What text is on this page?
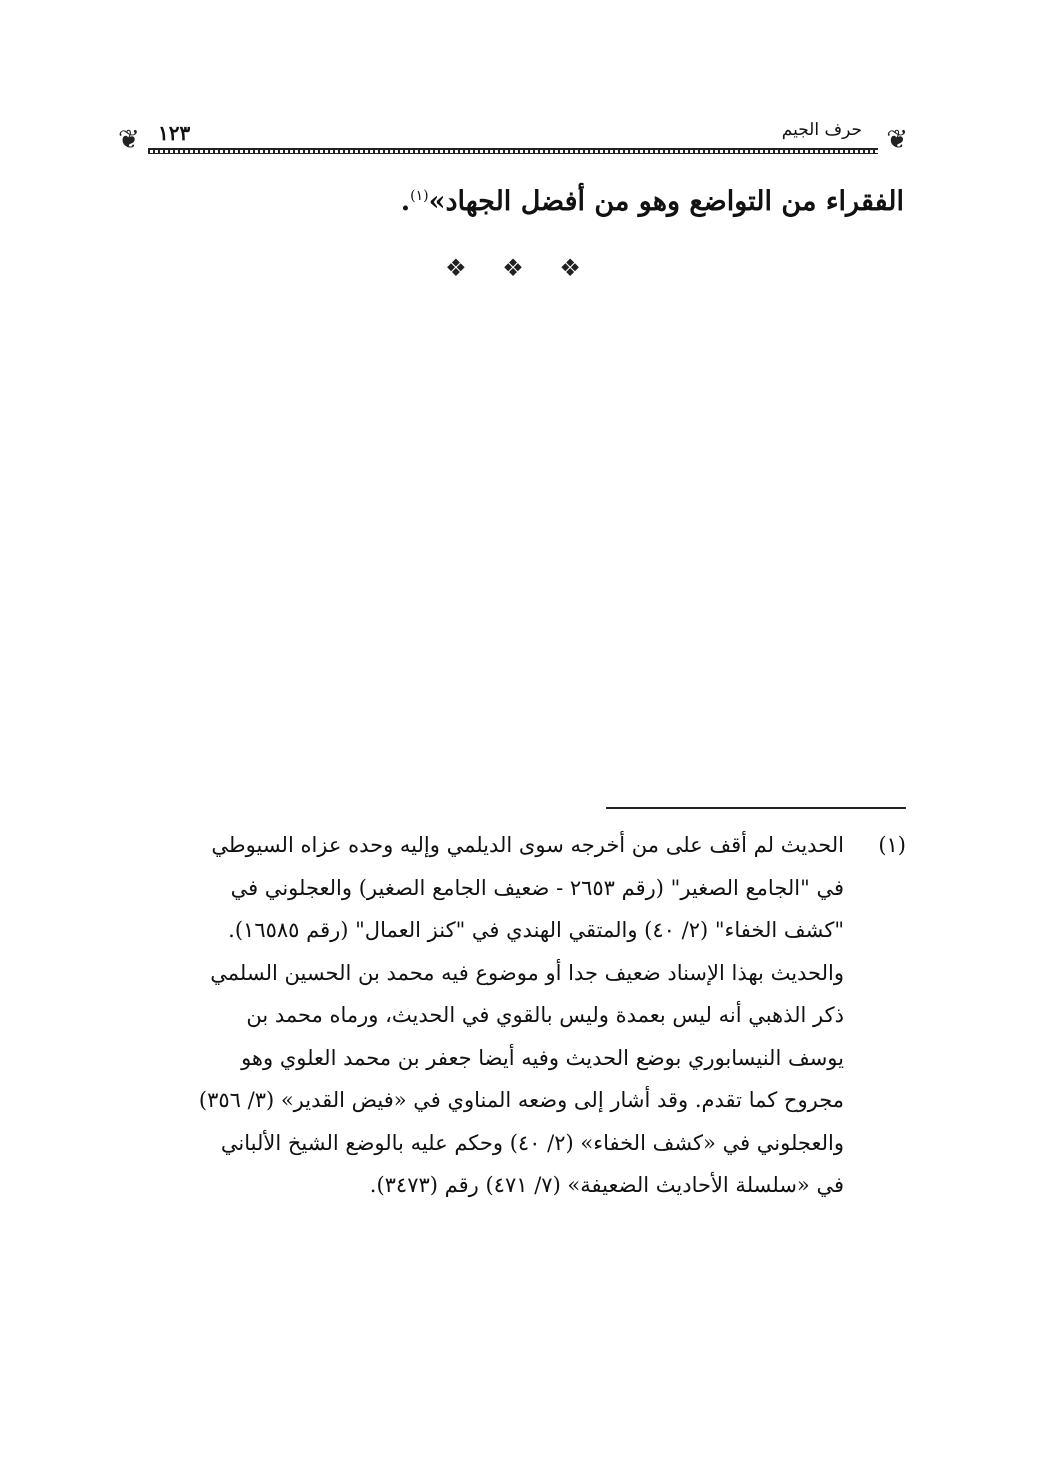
❦ ١٢٣	حرف الجيم ❦
الفقراء من التواضع وهو من أفضل الجهاد»$^{(١)}$.
❖ ❖ ❖
(١)الحديث لم أقف على من أخرجه سوى الديلمي وإليه وحده عزاه السيوطي
في "الجامع الصغير" (رقم ٢٦٥٣ - ضعيف الجامع الصغير) والعجلوني في
"كشف الخفاء" (٢/ ٤٠) والمتقي الهندي في "كنز العمال" (رقم ١٦٥٨٥).
والحديث بهذا الإسناد ضعيف جدا أو موضوع فيه محمد بن الحسين السلمي
ذكر الذهبي أنه ليس بعمدة وليس بالقوي في الحديث، ورماه محمد بن
يوسف النيسابوري بوضع الحديث وفيه أيضا جعفر بن محمد العلوي وهو
مجروح كما تقدم. وقد أشار إلى وضعه المناوي في «فيض القدير» (٣/ ٣٥٦)
والعجلوني في «كشف الخفاء» (٢/ ٤٠) وحكم عليه بالوضع الشيخ الألباني
في «سلسلة الأحاديث الضعيفة» (٧/ ٤٧١) رقم (٣٤٧٣).
